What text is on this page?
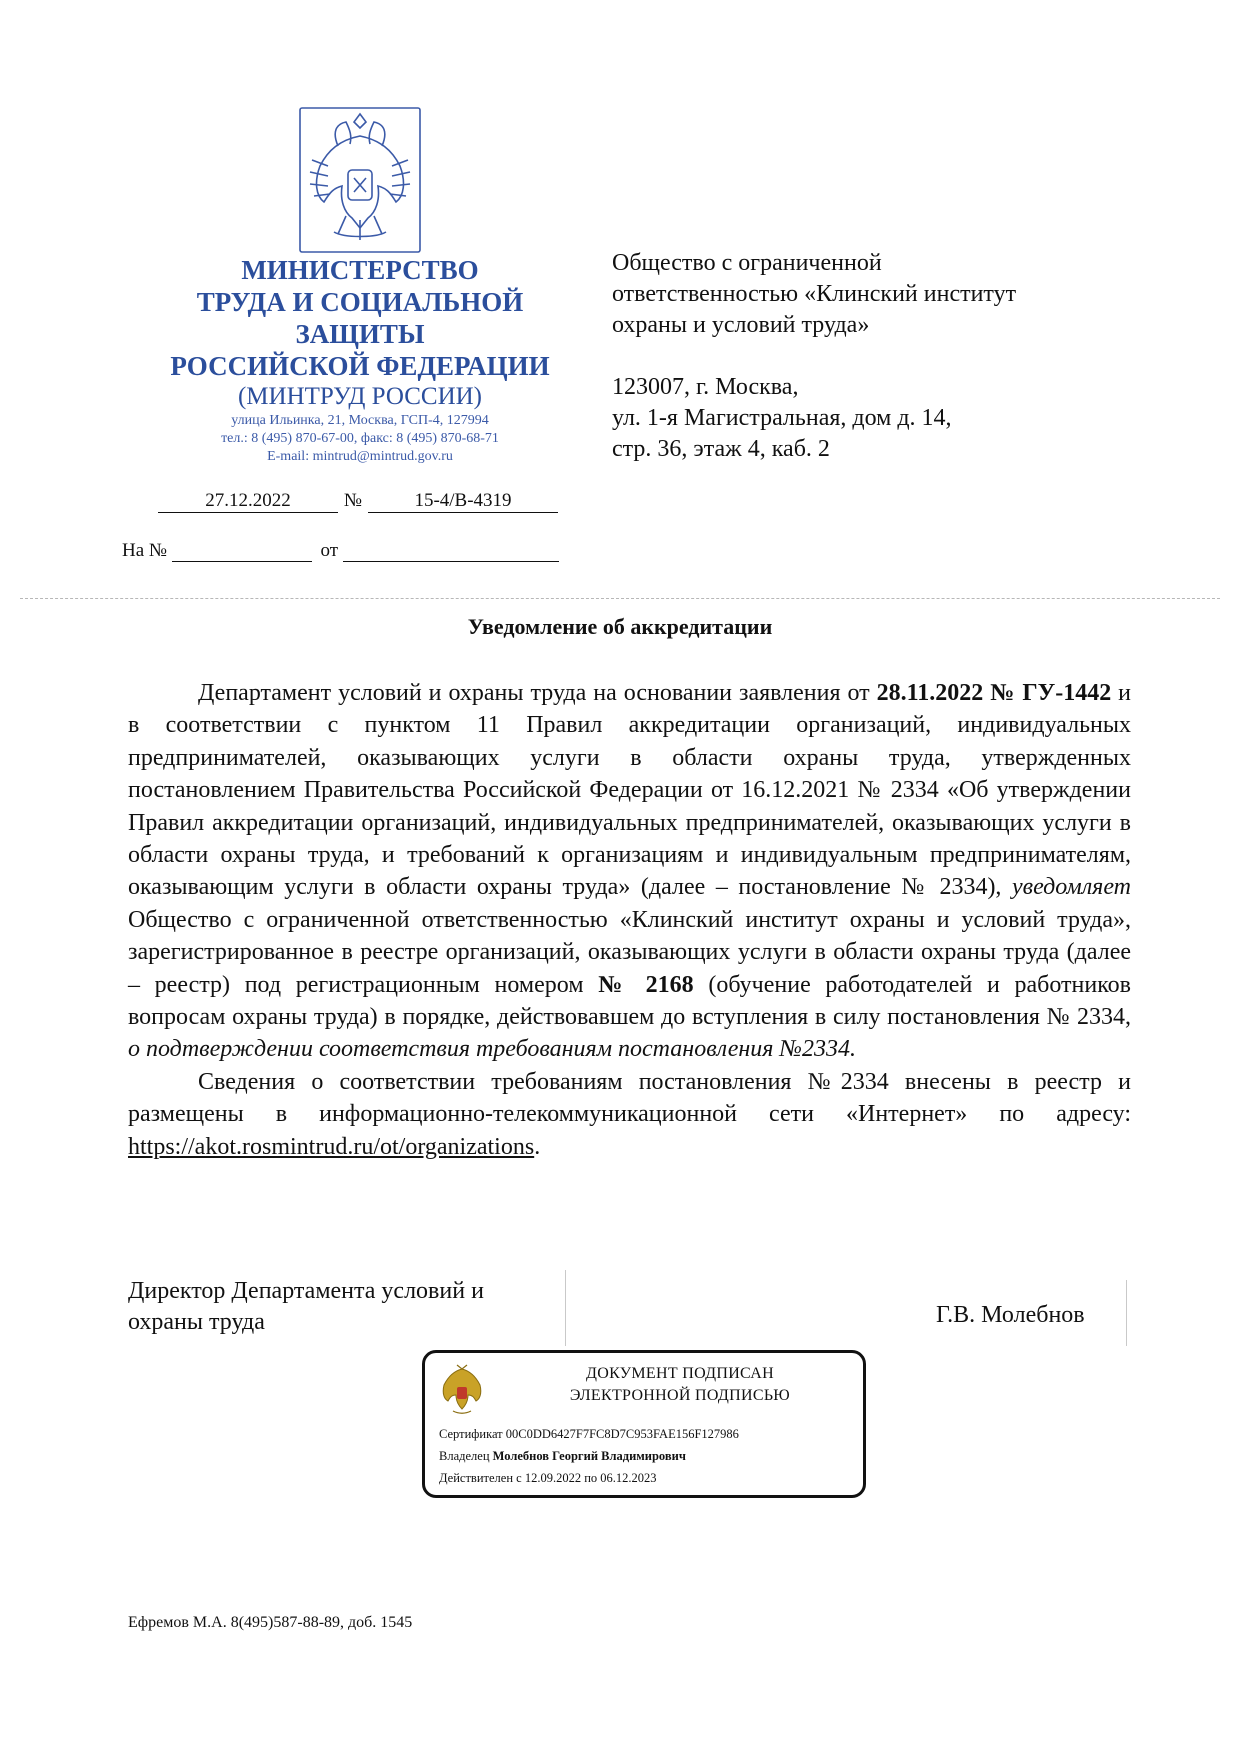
МИНИСТЕРСТВО
ТРУДА И СОЦИАЛЬНОЙ
ЗАЩИТЫ
РОССИЙСКОЙ ФЕДЕРАЦИИ
(МИНТРУД РОССИИ)
улица Ильинка, 21, Москва, ГСП-4, 127994
тел.: 8 (495) 870-67-00, факс: 8 (495) 870-68-71
E-mail: mintrud@mintrud.gov.ru
27.12.2022	№	15-4/В-4319
На №	от
Общество с ограниченной
ответственностью «Клинский институт
охраны и условий труда»
123007, г. Москва,
ул. 1-я Магистральная, дом д. 14,
стр. 36, этаж 4, каб. 2
Уведомление об аккредитации

Департамент условий и охраны труда на основании заявления от 28.11.2022 № ГУ-1442 и в соответствии с пунктом 11 Правил аккредитации организаций, индивидуальных предпринимателей, оказывающих услуги в области охраны труда, утвержденных постановлением Правительства Российской Федерации от 16.12.2021 № 2334 «Об утверждении Правил аккредитации организаций, индивидуальных предпринимателей, оказывающих услуги в области охраны труда, и требований к организациям и индивидуальным предпринимателям, оказывающим услуги в области охраны труда» (далее – постановление № 2334), уведомляет Общество с ограниченной ответственностью «Клинский институт охраны и условий труда», зарегистрированное в реестре организаций, оказывающих услуги в области охраны труда (далее – реестр) под регистрационным номером № 2168 (обучение работодателей и работников вопросам охраны труда) в порядке, действовавшем до вступления в силу постановления № 2334, о подтверждении соответствия требованиям постановления №2334.

Сведения о соответствии требованиям постановления №2334 внесены в реестр и размещены в информационно-телекоммуникационной сети «Интернет» по адресу: https://akot.rosmintrud.ru/ot/organizations.

Директор Департамента условий и
охраны труда	Г.В. Молебнов
ДОКУМЕНТ ПОДПИСАН
ЭЛЕКТРОННОЙ ПОДПИСЬЮ
Сертификат 00C0DD6427F7FC8D7C953FAE156F127986
Владелец Молебнов Георгий Владимирович
Действителен с 12.09.2022 по 06.12.2023
Ефремов М.А. 8(495)587-88-89, доб. 1545
